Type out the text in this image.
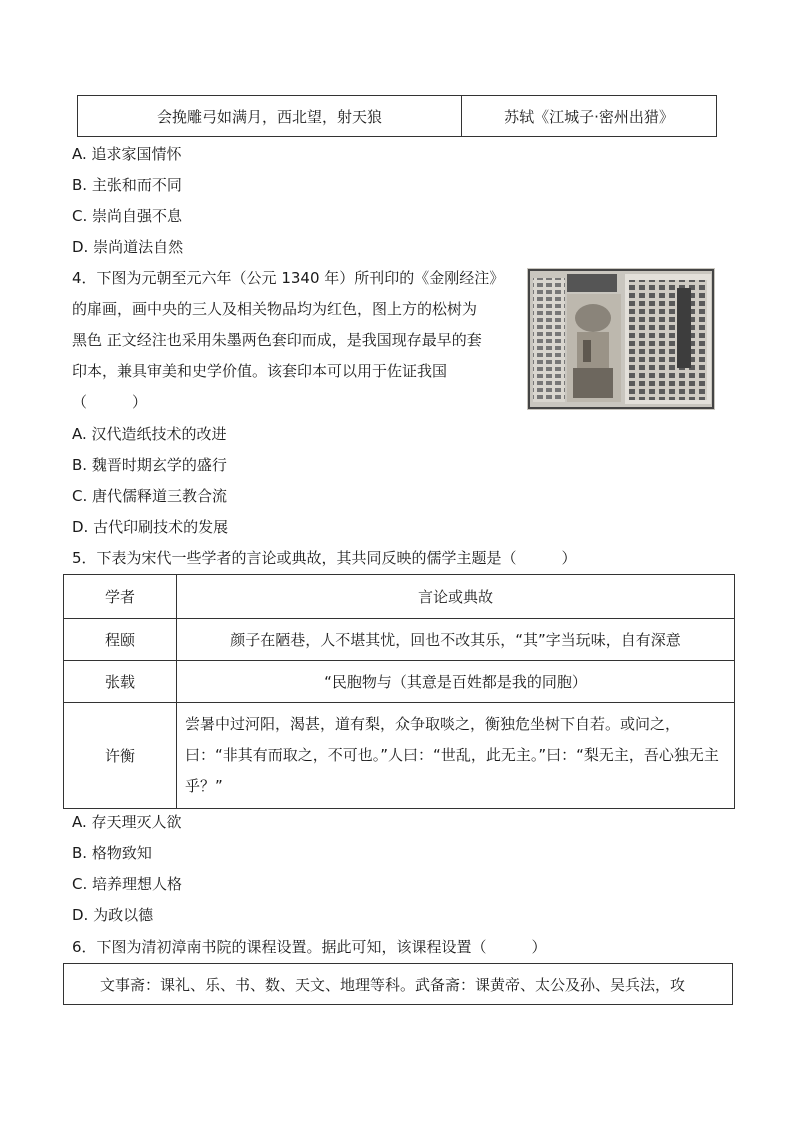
会挽雕弓如满月，西北望，射天狼	苏轼《江城子·密州出猎》
A. 追求家国情怀
B. 主张和而不同
C. 崇尚自强不息
D. 崇尚道法自然
4．下图为元朝至元六年（公元 1340 年）所刊印的《金刚经注》
的扉画，画中央的三人及相关物品均为红色，图上方的松树为
黑色 正文经注也采用朱墨两色套印而成，是我国现存最早的套
印本，兼具审美和史学价值。该套印本可以用于佐证我国
（　　　）
A. 汉代造纸技术的改进
B. 魏晋时期玄学的盛行
C. 唐代儒释道三教合流
D. 古代印刷技术的发展
5．下表为宋代一些学者的言论或典故，其共同反映的儒学主题是（　　　）
学者	言论或典故
程颐	颜子在陋巷，人不堪其忧，回也不改其乐，“其”字当玩味，自有深意
张载	“民胞物与（其意是百姓都是我的同胞）
许衡	尝暑中过河阳，渴甚，道有梨，众争取啖之，衡独危坐树下自若。或问之，曰：“非其有而取之，不可也。”人曰：“世乱，此无主。”曰：“梨无主，吾心独无主乎？”
A. 存天理灭人欲
B. 格物致知
C. 培养理想人格
D. 为政以德
6．下图为清初漳南书院的课程设置。据此可知，该课程设置（　　　）
文事斋：课礼、乐、书、数、天文、地理等科。武备斋：课黄帝、太公及孙、吴兵法，攻
